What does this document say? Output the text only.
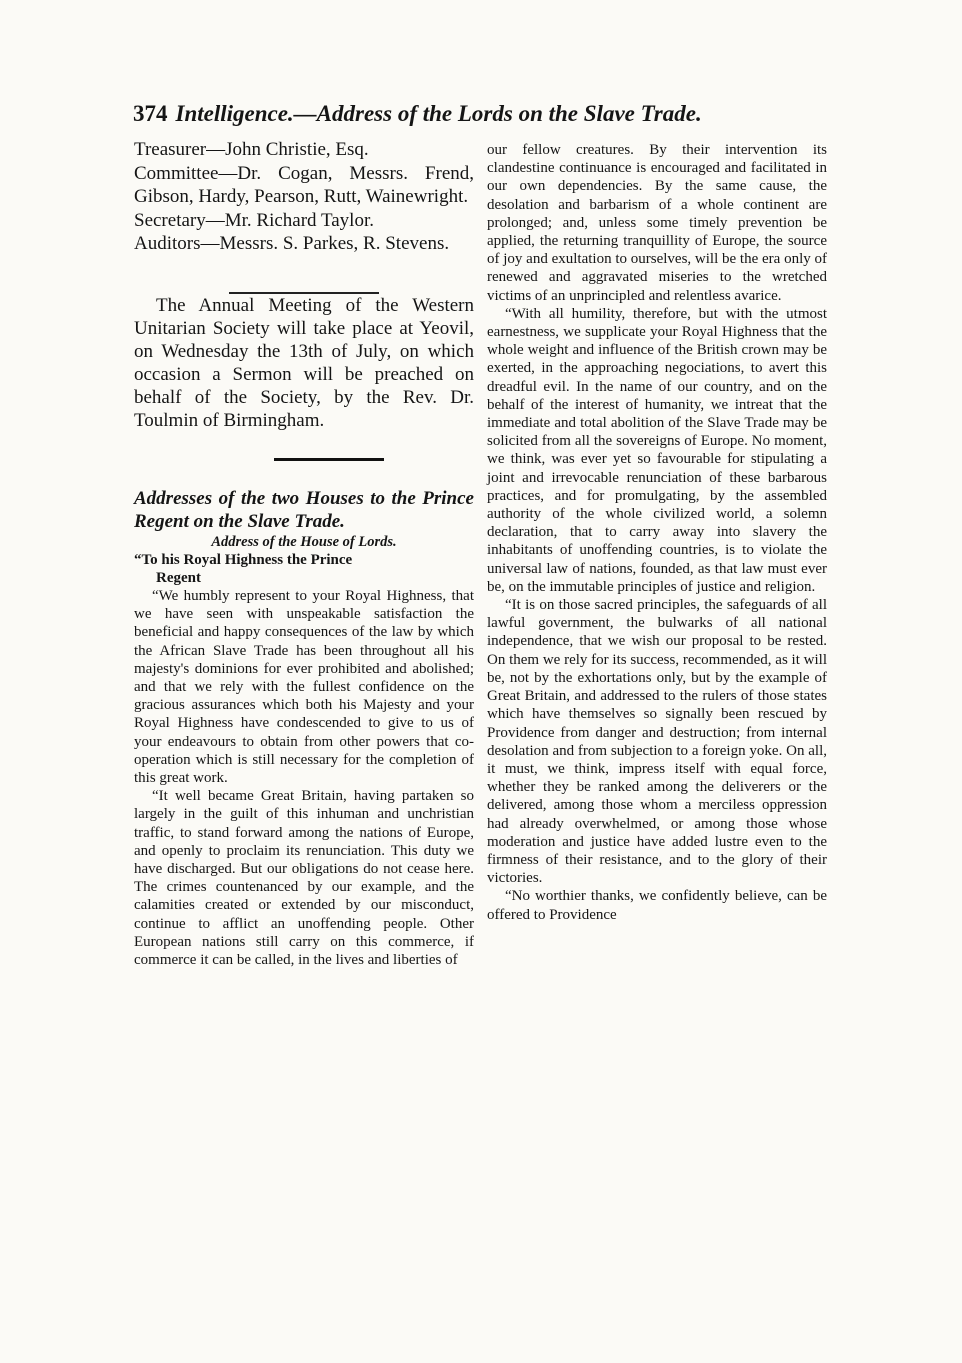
374 Intelligence.—Address of the Lords on the Slave Trade.

Treasurer—John Christie, Esq.

Committee—Dr. Cogan, Messrs. Frend, Gibson, Hardy, Pearson, Rutt, Wainewright.

Secretary—Mr. Richard Taylor.

Auditors—Messrs. S. Parkes, R. Stevens.

The Annual Meeting of the Western Unitarian Society will take place at Yeovil, on Wednesday the 13th of July, on which occasion a Sermon will be preached on behalf of the Society, by the Rev. Dr. Toulmin of Birmingham.

Addresses of the two Houses to the Prince Regent on the Slave Trade.

Address of the House of Lords.

“To his Royal Highness the Prince
Regent

“We humbly represent to your Royal Highness, that we have seen with unspeakable satisfaction the beneficial and happy consequences of the law by which the African Slave Trade has been throughout all his majesty's dominions for ever prohibited and abolished; and that we rely with the fullest confidence on the gracious assurances which both his Majesty and your Royal Highness have condescended to give to us of your endeavours to obtain from other powers that co-operation which is still necessary for the completion of this great work.

“It well became Great Britain, having partaken so largely in the guilt of this inhuman and unchristian traffic, to stand forward among the nations of Europe, and openly to proclaim its renunciation. This duty we have discharged. But our obligations do not cease here. The crimes countenanced by our example, and the calamities created or extended by our misconduct, continue to afflict an unoffending people. Other European nations still carry on this commerce, if commerce it can be called, in the lives and liberties of

our fellow creatures. By their intervention its clandestine continuance is encouraged and facilitated in our own dependencies. By the same cause, the desolation and barbarism of a whole continent are prolonged; and, unless some timely prevention be applied, the returning tranquillity of Europe, the source of joy and exultation to ourselves, will be the era only of renewed and aggravated miseries to the wretched victims of an unprincipled and relentless avarice.

“With all humility, therefore, but with the utmost earnestness, we supplicate your Royal Highness that the whole weight and influence of the British crown may be exerted, in the approaching negociations, to avert this dreadful evil. In the name of our country, and on the behalf of the interest of humanity, we intreat that the immediate and total abolition of the Slave Trade may be solicited from all the sovereigns of Europe. No moment, we think, was ever yet so favourable for stipulating a joint and irrevocable renunciation of these barbarous practices, and for promulgating, by the assembled authority of the whole civilized world, a solemn declaration, that to carry away into slavery the inhabitants of unoffending countries, is to violate the universal law of nations, founded, as that law must ever be, on the immutable principles of justice and religion.

“It is on those sacred principles, the safeguards of all lawful government, the bulwarks of all national independence, that we wish our proposal to be rested. On them we rely for its success, recommended, as it will be, not by the exhortations only, but by the example of Great Britain, and addressed to the rulers of those states which have themselves so signally been rescued by Providence from danger and destruction; from internal desolation and from subjection to a foreign yoke. On all, it must, we think, impress itself with equal force, whether they be ranked among the deliverers or the delivered, among those whom a merciless oppression had already overwhelmed, or among those whose moderation and justice have added lustre even to the firmness of their resistance, and to the glory of their victories.

“No worthier thanks, we confidently believe, can be offered to Providence
